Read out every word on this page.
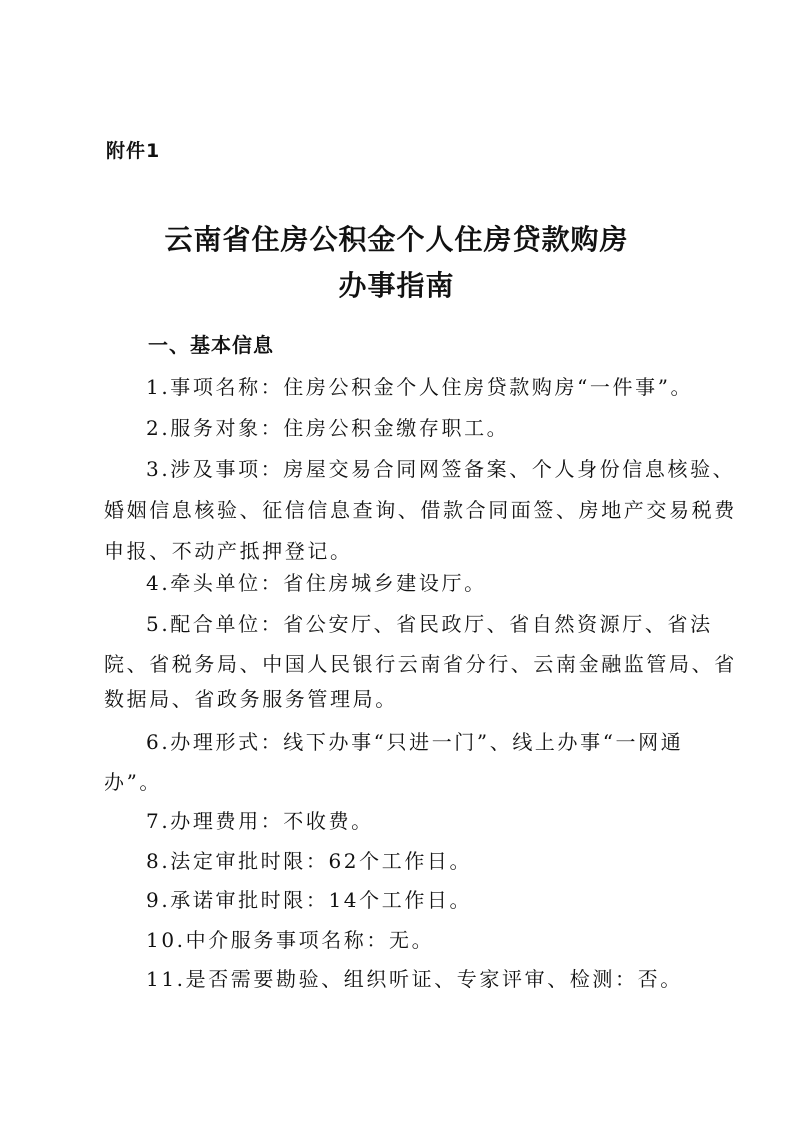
附件1
云南省住房公积金个人住房贷款购房
办事指南
一、基本信息
1.事项名称：住房公积金个人住房贷款购房“一件事”。
2.服务对象：住房公积金缴存职工。
3.涉及事项：房屋交易合同网签备案、个人身份信息核验、
婚姻信息核验、征信信息查询、借款合同面签、房地产交易税费
申报、不动产抵押登记。
4.牵头单位：省住房城乡建设厅。
5.配合单位：省公安厅、省民政厅、省自然资源厅、省法
院、省税务局、中国人民银行云南省分行、云南金融监管局、省
数据局、省政务服务管理局。
6.办理形式：线下办事“只进一门”、线上办事“一网通
办”。
7.办理费用：不收费。
8.法定审批时限：62个工作日。
9.承诺审批时限：14个工作日。
10.中介服务事项名称：无。
11.是否需要勘验、组织听证、专家评审、检测：否。
